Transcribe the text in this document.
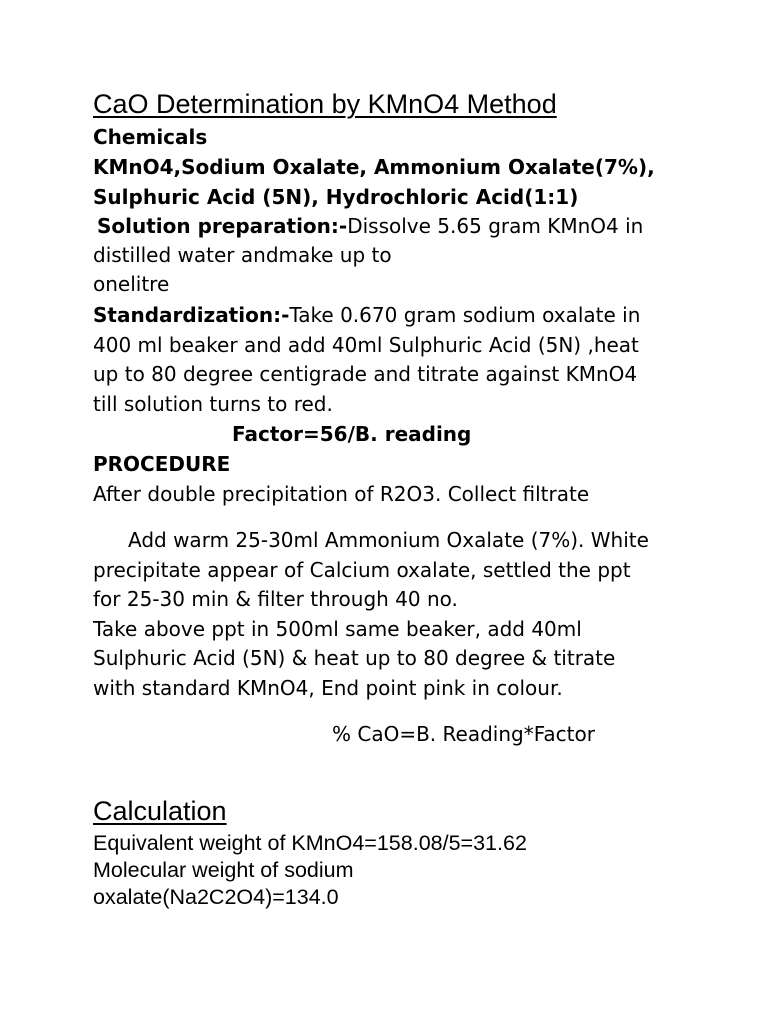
CaO Determination by KMnO4 Method
Chemicals
KMnO4,Sodium Oxalate, Ammonium Oxalate(7%),
Sulphuric Acid (5N), Hydrochloric Acid(1:1)
Solution preparation:-Dissolve 5.65 gram KMnO4 in
distilled water andmake up to
onelitre
Standardization:-Take 0.670 gram sodium oxalate in
400 ml beaker and add 40ml Sulphuric Acid (5N) ,heat
up to 80 degree centigrade and titrate against KMnO4
till solution turns to red.
Factor=56/B. reading
PROCEDURE
After double precipitation of R2O3. Collect filtrate
Add warm 25-30ml Ammonium Oxalate (7%). White
precipitate appear of Calcium oxalate, settled the ppt
for 25-30 min & filter through 40 no.
Take above ppt in 500ml same beaker, add 40ml
Sulphuric Acid (5N) & heat up to 80 degree & titrate
with standard KMnO4, End point pink in colour.
% CaO=B. Reading*Factor
Calculation
Equivalent weight of KMnO4=158.08/5=31.62
Molecular weight of sodium
oxalate(Na2C2O4)=134.0
